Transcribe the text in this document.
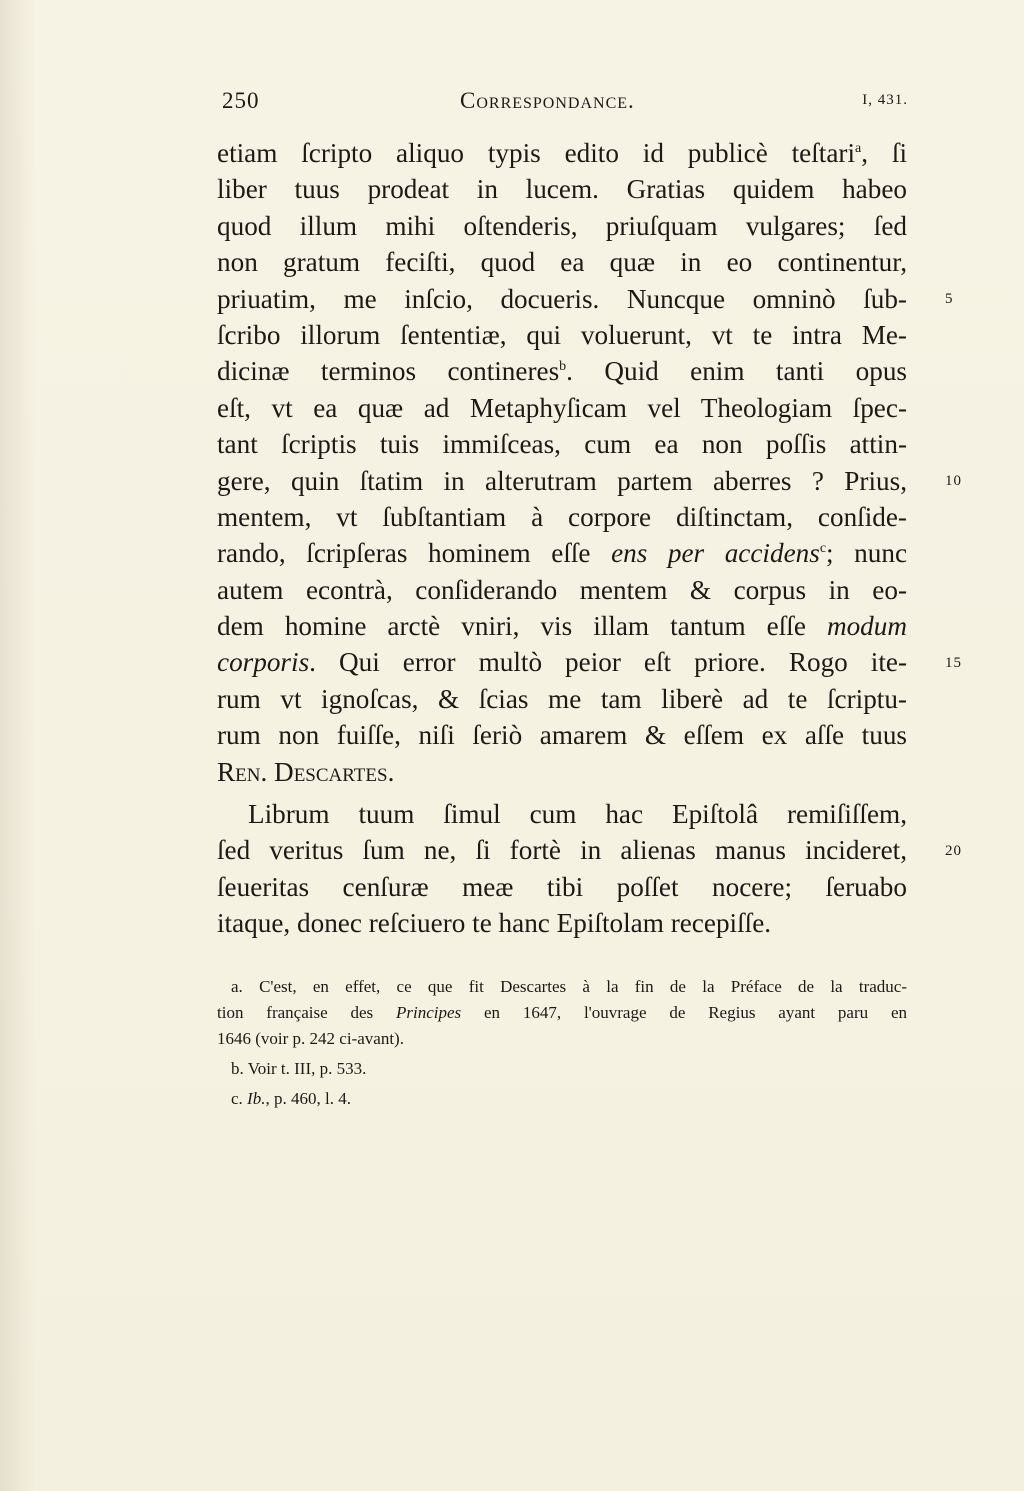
250	Correspondance.	I, 431.
etiam ſcripto aliquo typis edito id publicè teſtari$^a$, ſi
liber tuus prodeat in lucem. Gratias quidem habeo
quod illum mihi oſtenderis, priuſquam vulgares; ſed
non gratum feciſti, quod ea quæ in eo continentur,
priuatim, me inſcio, docueris. Nuncque omninò ſub-
ſcribo illorum ſententiæ, qui voluerunt, vt te intra Me-
dicinæ terminos contineres$^b$. Quid enim tanti opus
eſt, vt ea quæ ad Metaphyſicam vel Theologiam ſpec-
tant ſcriptis tuis immiſceas, cum ea non poſſis attin-
gere, quin ſtatim in alterutram partem aberres ? Prius,
mentem, vt ſubſtantiam à corpore diſtinctam, conſide-
rando, ſcripſeras hominem eſſe ens per accidens$^c$; nunc
autem econtrà, conſiderando mentem & corpus in eo-
dem homine arctè vniri, vis illam tantum eſſe modum
corporis. Qui error multò peior eſt priore. Rogo ite-
rum vt ignoſcas, & ſcias me tam liberè ad te ſcriptu-
rum non fuiſſe, niſi ſeriò amarem & eſſem ex aſſe tuus
Ren. Descartes.
Librum tuum ſimul cum hac Epiſtolâ remiſiſſem,
ſed veritus ſum ne, ſi fortè in alienas manus incideret,
ſeueritas cenſuræ meæ tibi poſſet nocere; ſeruabo
itaque, donec reſciuero te hanc Epiſtolam recepiſſe.
5
10
15
20
a. C'est, en effet, ce que fit Descartes à la fin de la Préface de la traduc-
tion française des Principes en 1647, l'ouvrage de Regius ayant paru en
1646 (voir p. 242 ci-avant).
b. Voir t. III, p. 533.
c. Ib., p. 460, l. 4.
